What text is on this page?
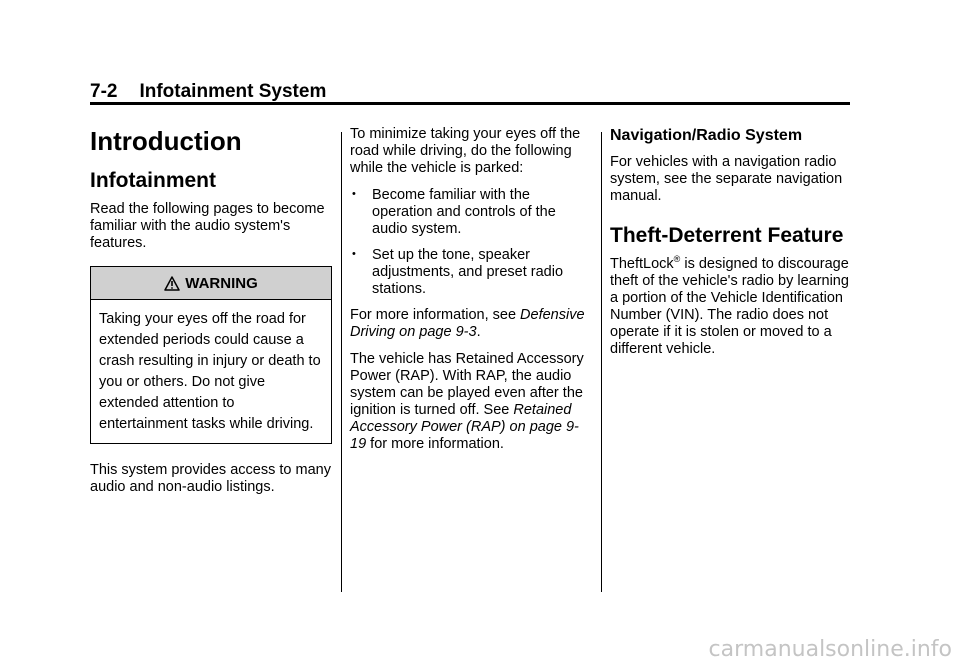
7-2 Infotainment System
Introduction
Infotainment

Read the following pages to become familiar with the audio system's features.

WARNING
Taking your eyes off the road for extended periods could cause a crash resulting in injury or death to you or others. Do not give extended attention to entertainment tasks while driving.

This system provides access to many audio and non-audio listings.

To minimize taking your eyes off the road while driving, do the following while the vehicle is parked:

• Become familiar with the operation and controls of the audio system.
• Set up the tone, speaker adjustments, and preset radio stations.

For more information, see Defensive Driving on page 9-3.

The vehicle has Retained Accessory Power (RAP). With RAP, the audio system can be played even after the ignition is turned off. See Retained Accessory Power (RAP) on page 9-19 for more information.

Navigation/Radio System

For vehicles with a navigation radio system, see the separate navigation manual.

Theft-Deterrent Feature

TheftLock® is designed to discourage theft of the vehicle's radio by learning a portion of the Vehicle Identification Number (VIN). The radio does not operate if it is stolen or moved to a different vehicle.

carmanualsonline.info
